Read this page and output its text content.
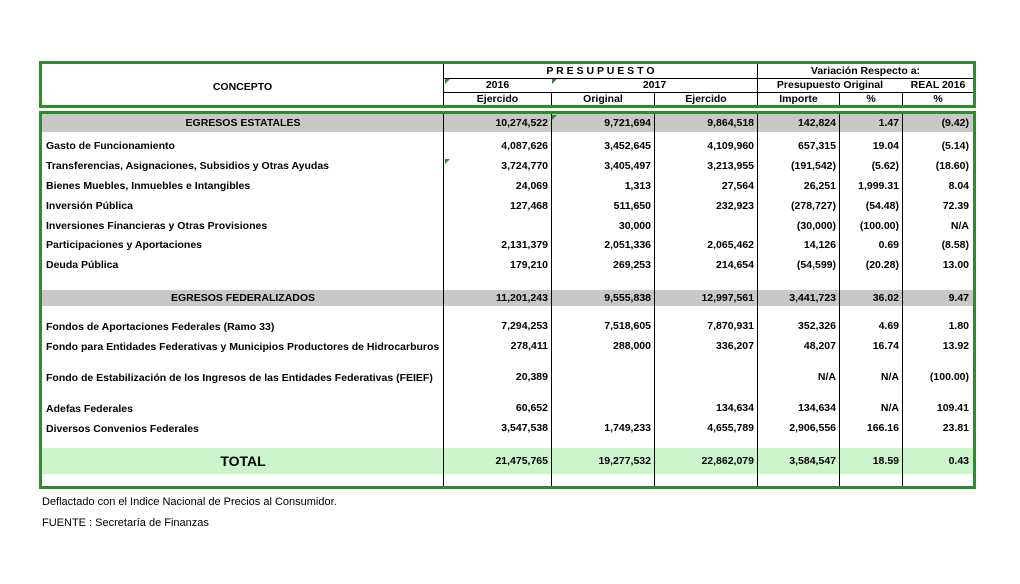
CONCEPTO
P R E S U P U E S T O	Variación Respecto a:
2016	2017	Presupuesto Original	REAL 2016
Ejercido	Original	Ejercido	Importe	%	%
EGRESOS ESTATALES	10,274,522	9,721,694	9,864,518	142,824	1.47	(9.42)

Gasto de Funcionamiento	4,087,626	3,452,645	4,109,960	657,315	19.04	(5.14)
Transferencias, Asignaciones, Subsidios y Otras Ayudas	3,724,770	3,405,497	3,213,955	(191,542)	(5.62)	(18.60)
Bienes Muebles, Inmuebles e Intangibles	24,069	1,313	27,564	26,251	1,999.31	8.04
Inversión Pública	127,468	511,650	232,923	(278,727)	(54.48)	72.39
Inversiones Financieras y Otras Provisiones		30,000		(30,000)	(100.00)	N/A
Participaciones y Aportaciones	2,131,379	2,051,336	2,065,462	14,126	0.69	(8.58)
Deuda Pública	179,210	269,253	214,654	(54,599)	(20.28)	13.00

EGRESOS FEDERALIZADOS	11,201,243	9,555,838	12,997,561	3,441,723	36.02	9.47

Fondos de Aportaciones Federales (Ramo 33)	7,294,253	7,518,605	7,870,931	352,326	4.69	1.80
Fondo para Entidades Federativas y Municipios Productores de Hidrocarburos	278,411	288,000	336,207	48,207	16.74	13.92
Fondo de Estabilización de los Ingresos de las Entidades Federativas (FEIEF)	20,389			N/A	N/A	(100.00)
Adefas Federales	60,652		134,634	134,634	N/A	109.41
Diversos Convenios Federales	3,547,538	1,749,233	4,655,789	2,906,556	166.16	23.81

TOTAL	21,475,765	19,277,532	22,862,079	3,584,547	18.59	0.43
Deflactado con el Indice Nacional de Precios al Consumidor.
FUENTE : Secretaría de Finanzas
